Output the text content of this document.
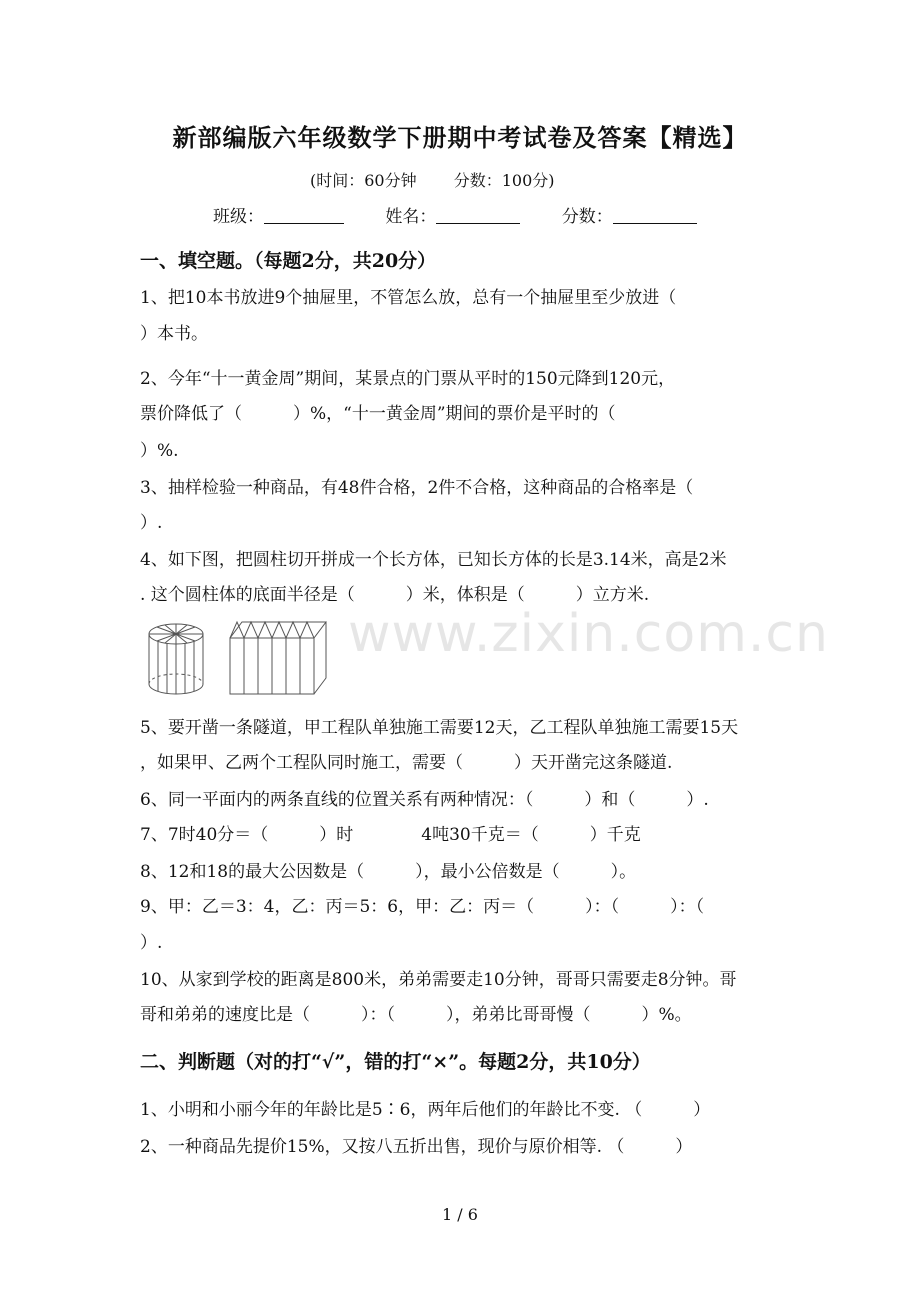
新部编版六年级数学下册期中考试卷及答案【精选】
(时间：60分钟 分数：100分)
班级：	姓名：	分数：
一、填空题。（每题2分，共20分）
1、把10本书放进9个抽屉里，不管怎么放，总有一个抽屉里至少放进（
）本书。
2、今年“十一黄金周”期间，某景点的门票从平时的150元降到120元，
票价降低了（　　　）%，“十一黄金周”期间的票价是平时的（
）%.
3、抽样检验一种商品，有48件合格，2件不合格，这种商品的合格率是（
）.
4、如下图，把圆柱切开拼成一个长方体，已知长方体的长是3.14米，高是2米
. 这个圆柱体的底面半径是（　　　）米，体积是（　　　）立方米.
www.zixin.com.cn
5、要开凿一条隧道，甲工程队单独施工需要12天，乙工程队单独施工需要15天
，如果甲、乙两个工程队同时施工，需要（　　　）天开凿完这条隧道.
6、同一平面内的两条直线的位置关系有两种情况：（　　　）和（　　　）.
7、7时40分＝（　　　）时　　　　4吨30千克＝（　　　）千克
8、12和18的最大公因数是（　　　），最小公倍数是（　　　）。
9、甲：乙＝3：4，乙：丙＝5：6，甲：乙：丙＝（　　　）：（　　　）：（
）.
10、从家到学校的距离是800米，弟弟需要走10分钟，哥哥只需要走8分钟。哥
哥和弟弟的速度比是（　　　）：（　　　），弟弟比哥哥慢（　　　）%。
二、判断题（对的打“√”，错的打“×”。每题2分，共10分）
1、小明和小丽今年的年龄比是5∶6，两年后他们的年龄比不变. （　　　）
2、一种商品先提价15%，又按八五折出售，现价与原价相等. （　　　）
1 / 6
